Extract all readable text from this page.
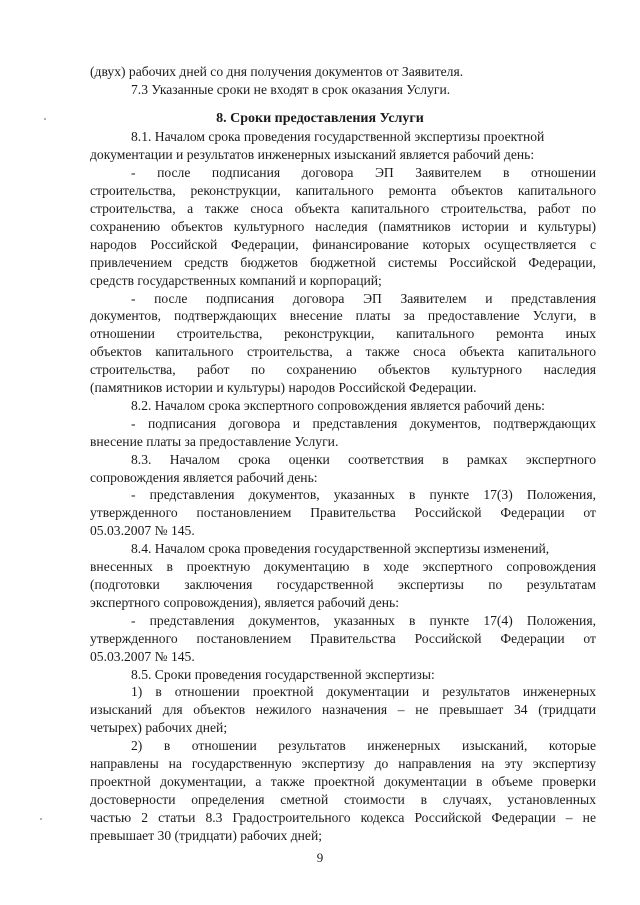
(двух) рабочих дней со дня получения документов от Заявителя.
7.3 Указанные сроки не входят в срок оказания Услуги.
8. Сроки предоставления Услуги
8.1. Началом срока проведения государственной экспертизы проектной
документации и результатов инженерных изысканий является рабочий день:
- после подписания договора ЭП Заявителем в отношении
строительства, реконструкции, капитального ремонта объектов капитального
строительства, а также сноса объекта капитального строительства, работ по
сохранению объектов культурного наследия (памятников истории и культуры)
народов Российской Федерации, финансирование которых осуществляется с
привлечением средств бюджетов бюджетной системы Российской Федерации,
средств государственных компаний и корпораций;
- после подписания договора ЭП Заявителем и представления
документов, подтверждающих внесение платы за предоставление Услуги, в
отношении строительства, реконструкции, капитального ремонта иных
объектов капитального строительства, а также сноса объекта капитального
строительства, работ по сохранению объектов культурного наследия
(памятников истории и культуры) народов Российской Федерации.
8.2. Началом срока экспертного сопровождения является рабочий день:
- подписания договора и представления документов, подтверждающих
внесение платы за предоставление Услуги.
8.3. Началом срока оценки соответствия в рамках экспертного
сопровождения является рабочий день:
- представления документов, указанных в пункте 17(3) Положения,
утвержденного постановлением Правительства Российской Федерации от
05.03.2007 № 145.
8.4. Началом срока проведения государственной экспертизы изменений,
внесенных в проектную документацию в ходе экспертного сопровождения
(подготовки заключения государственной экспертизы по результатам
экспертного сопровождения), является рабочий день:
- представления документов, указанных в пункте 17(4) Положения,
утвержденного постановлением Правительства Российской Федерации от
05.03.2007 № 145.
8.5. Сроки проведения государственной экспертизы:
1) в отношении проектной документации и результатов инженерных
изысканий для объектов нежилого назначения – не превышает 34 (тридцати
четырех) рабочих дней;
2) в отношении результатов инженерных изысканий, которые
направлены на государственную экспертизу до направления на эту экспертизу
проектной документации, а также проектной документации в объеме проверки
достоверности определения сметной стоимости в случаях, установленных
частью 2 статьи 8.3 Градостроительного кодекса Российской Федерации – не
превышает 30 (тридцати) рабочих дней;
9
